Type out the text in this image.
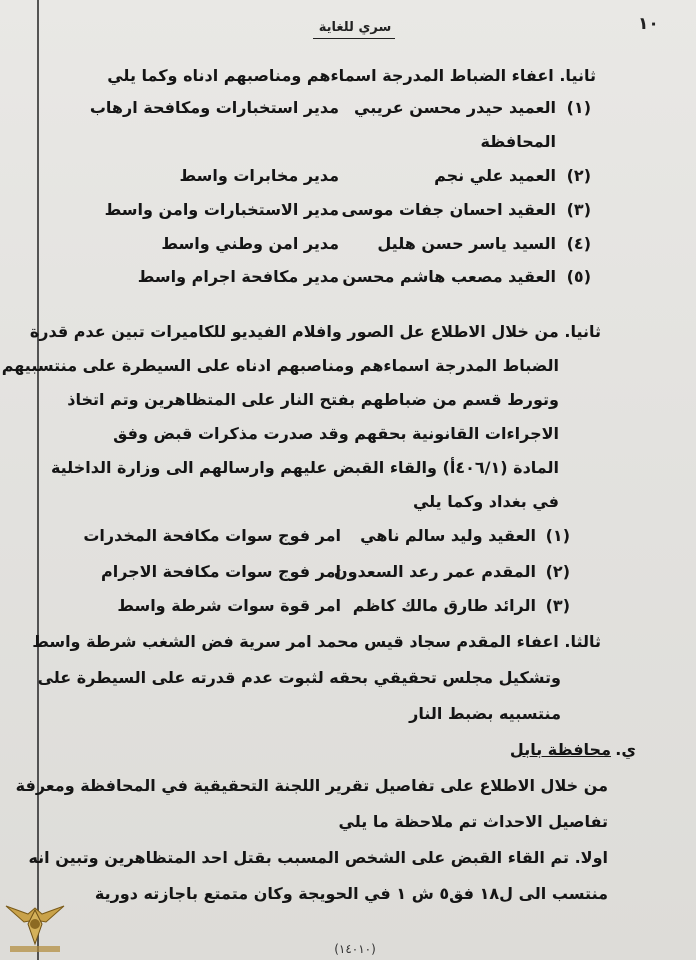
١٠
سري للغاية
ثانيا. اعفاء الضباط المدرجة اسماءهم ومناصبهم ادناه وكما يلي
(١)
العميد حيدر محسن عريبي
مدير استخبارات ومكافحة ارهاب
المحافظة
(٢)
العميد علي نجم
مدير مخابرات واسط
(٣)
العقيد احسان جفات موسى
مدير الاستخبارات وامن واسط
(٤)
السيد ياسر حسن هليل
مدير امن وطني واسط
(٥)
العقيد مصعب هاشم محسن
مدير مكافحة اجرام واسط
ثانيا. من خلال الاطلاع عل الصور وافلام الفيديو للكاميرات تبين عدم قدرة
الضباط المدرجة اسماءهم ومناصبهم ادناه على السيطرة على منتسبيهم
وتورط قسم من ضباطهم بفتح النار على المتظاهرين وتم اتخاذ
الاجراءات القانونية بحقهم وقد صدرت مذكرات قبض وفق
المادة (٤٠٦/١أ) والقاء القبض عليهم وارسالهم الى وزارة الداخلية
في بغداد وكما يلي
(١)
العقيد وليد سالم ناهي
امر فوج سوات مكافحة المخدرات
(٢)
المقدم عمر رعد السعدون
امر فوج سوات مكافحة الاجرام
(٣)
الرائد طارق مالك كاظم
امر قوة سوات شرطة واسط
ثالثا. اعفاء المقدم سجاد قيس محمد امر سرية فض الشغب شرطة واسط
وتشكيل مجلس تحقيقي بحقه لثبوت عدم قدرته على السيطرة على
منتسبيه بضبط النار
ي.
محافظة بابل
من خلال الاطلاع على تفاصيل تقرير اللجنة التحقيقية في المحافظة ومعرفة
تفاصيل الاحداث تم ملاحظة ما يلي
اولا. تم القاء القبض على الشخص المسبب بقتل احد المتظاهرين وتبين انه
منتسب الى ل١٨ فق٥ ش ١ في الحويجة وكان متمتع باجازته دورية
(١٤٠١٠)
